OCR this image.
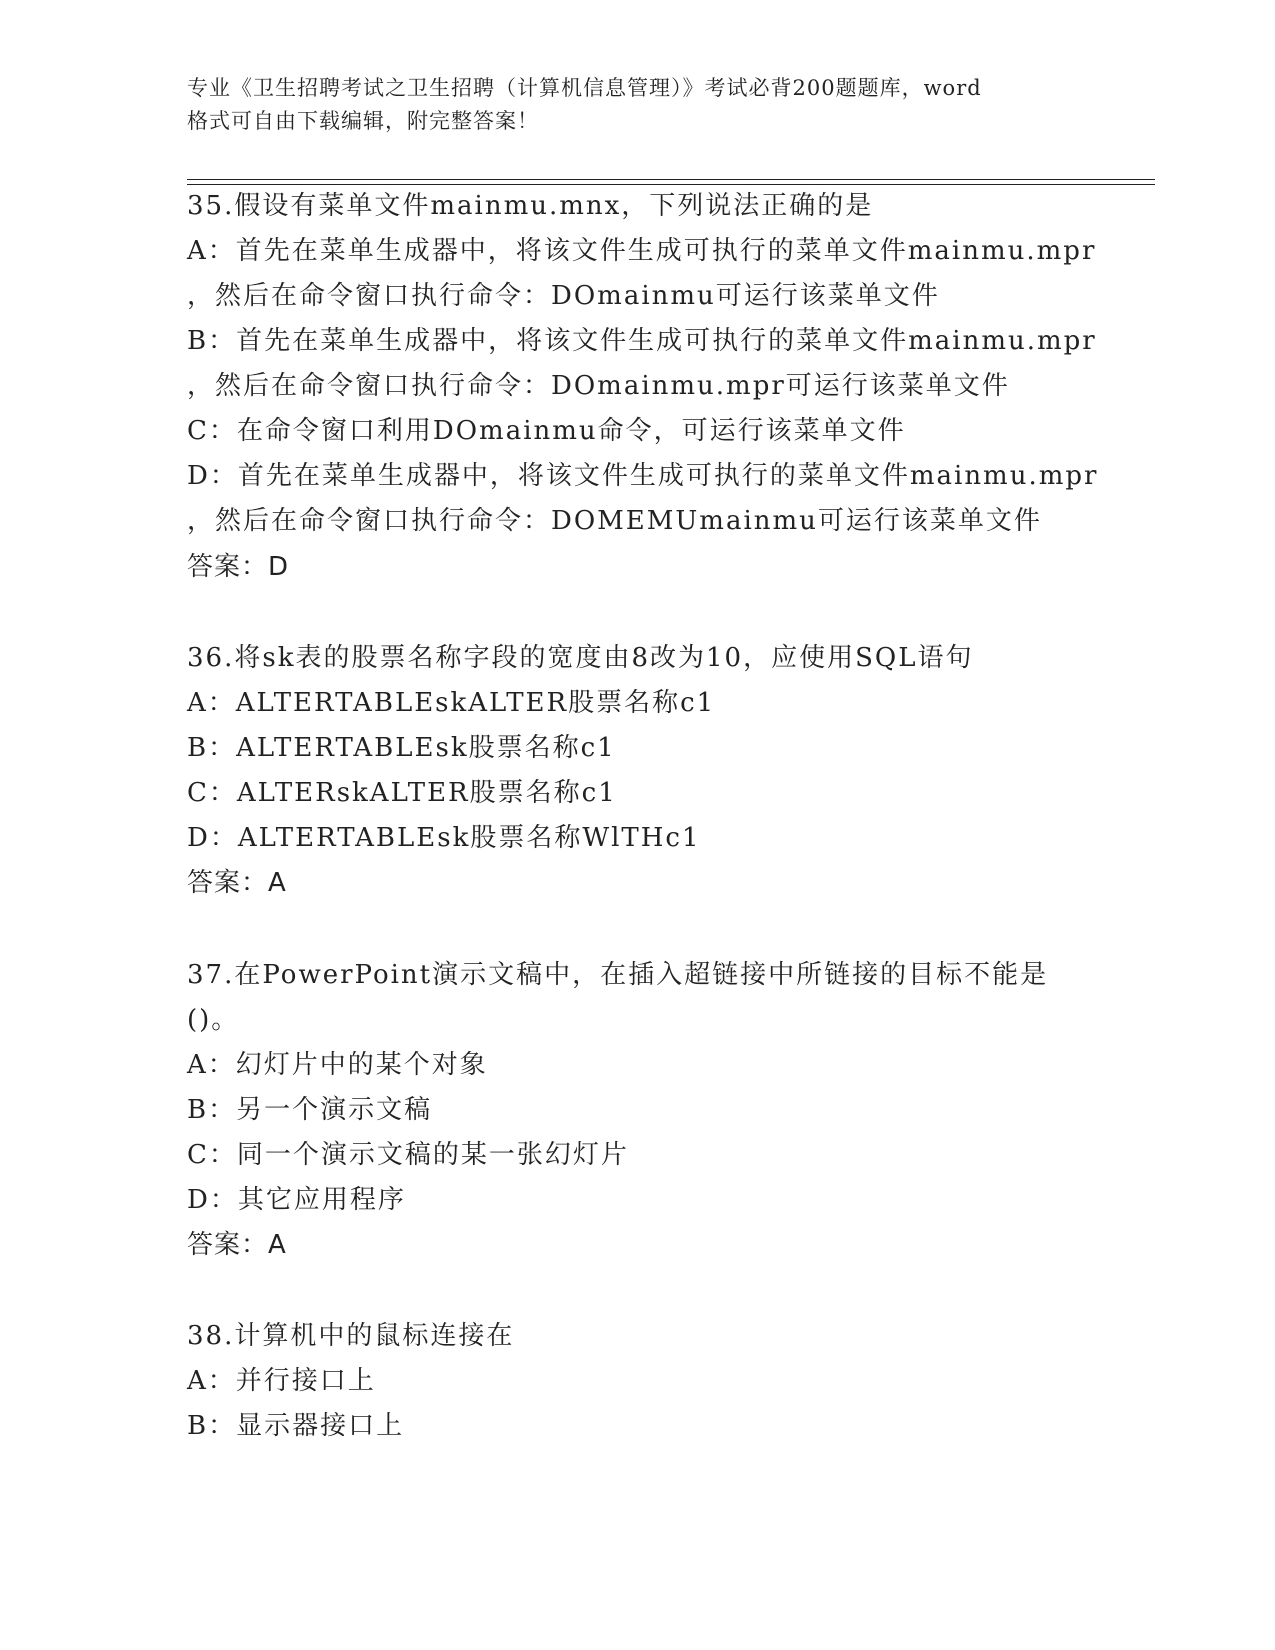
专业《卫生招聘考试之卫生招聘（计算机信息管理）》考试必背200题题库，word
格式可自由下载编辑，附完整答案！
35.假设有菜单文件mainmu.mnx，下列说法正确的是
A：首先在菜单生成器中，将该文件生成可执行的菜单文件mainmu.mpr
，然后在命令窗口执行命令：DOmainmu可运行该菜单文件
B：首先在菜单生成器中，将该文件生成可执行的菜单文件mainmu.mpr
，然后在命令窗口执行命令：DOmainmu.mpr可运行该菜单文件
C：在命令窗口利用DOmainmu命令，可运行该菜单文件
D：首先在菜单生成器中，将该文件生成可执行的菜单文件mainmu.mpr
，然后在命令窗口执行命令：DOMEMUmainmu可运行该菜单文件
答案：D
36.将sk表的股票名称字段的宽度由8改为10，应使用SQL语句
A：ALTERTABLEskALTER股票名称c1
B：ALTERTABLEsk股票名称c1
C：ALTERskALTER股票名称c1
D：ALTERTABLEsk股票名称WlTHc1
答案：A
37.在PowerPoint演示文稿中，在插入超链接中所链接的目标不能是
()。
A：幻灯片中的某个对象
B：另一个演示文稿
C：同一个演示文稿的某一张幻灯片
D：其它应用程序
答案：A
38.计算机中的鼠标连接在
A：并行接口上
B：显示器接口上
